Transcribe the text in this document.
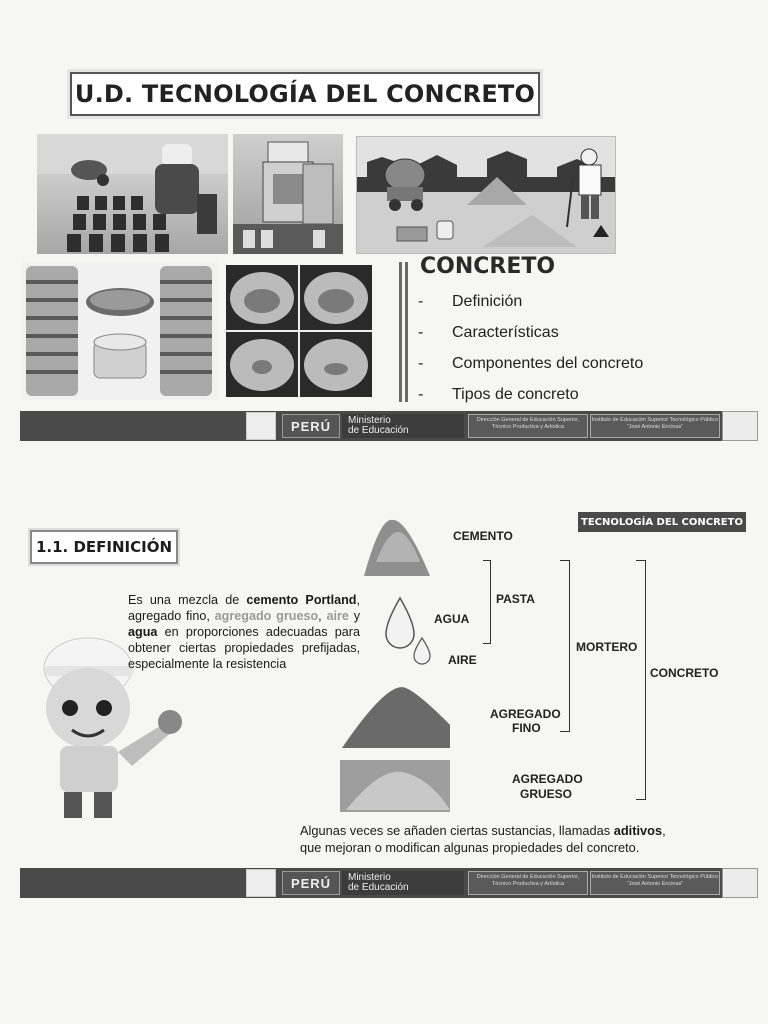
U.D. TECNOLOGÍA DEL CONCRETO
CONCRETO
- Definición
- Características
- Componentes del concreto
- Tipos de concreto
PERÚ	Ministerio
de Educación
Dirección General de Educación Superior, Técnico Productiva y Artística
Instituto de Educación Superior Tecnológico Público "José Antonio Encinas"
TECNOLOGÍA DEL CONCRETO
1.1. DEFINICIÓN

Es una mezcla de cemento Portland, agregado fino, agregado grueso, aire y agua en proporciones adecuadas para obtener ciertas propiedades prefijadas, especialmente la resistencia

CEMENTO
AGUA
AIRE
AGREGADO
FINO
AGREGADO
GRUESO
PASTA
MORTERO
CONCRETO
Algunas veces se añaden ciertas sustancias, llamadas aditivos,
que mejoran o modifican algunas propiedades del concreto.
PERÚ	Ministerio
de Educación
Dirección General de Educación Superior, Técnico Productiva y Artística
Instituto de Educación Superior Tecnológico Público "José Antonio Encinas"
